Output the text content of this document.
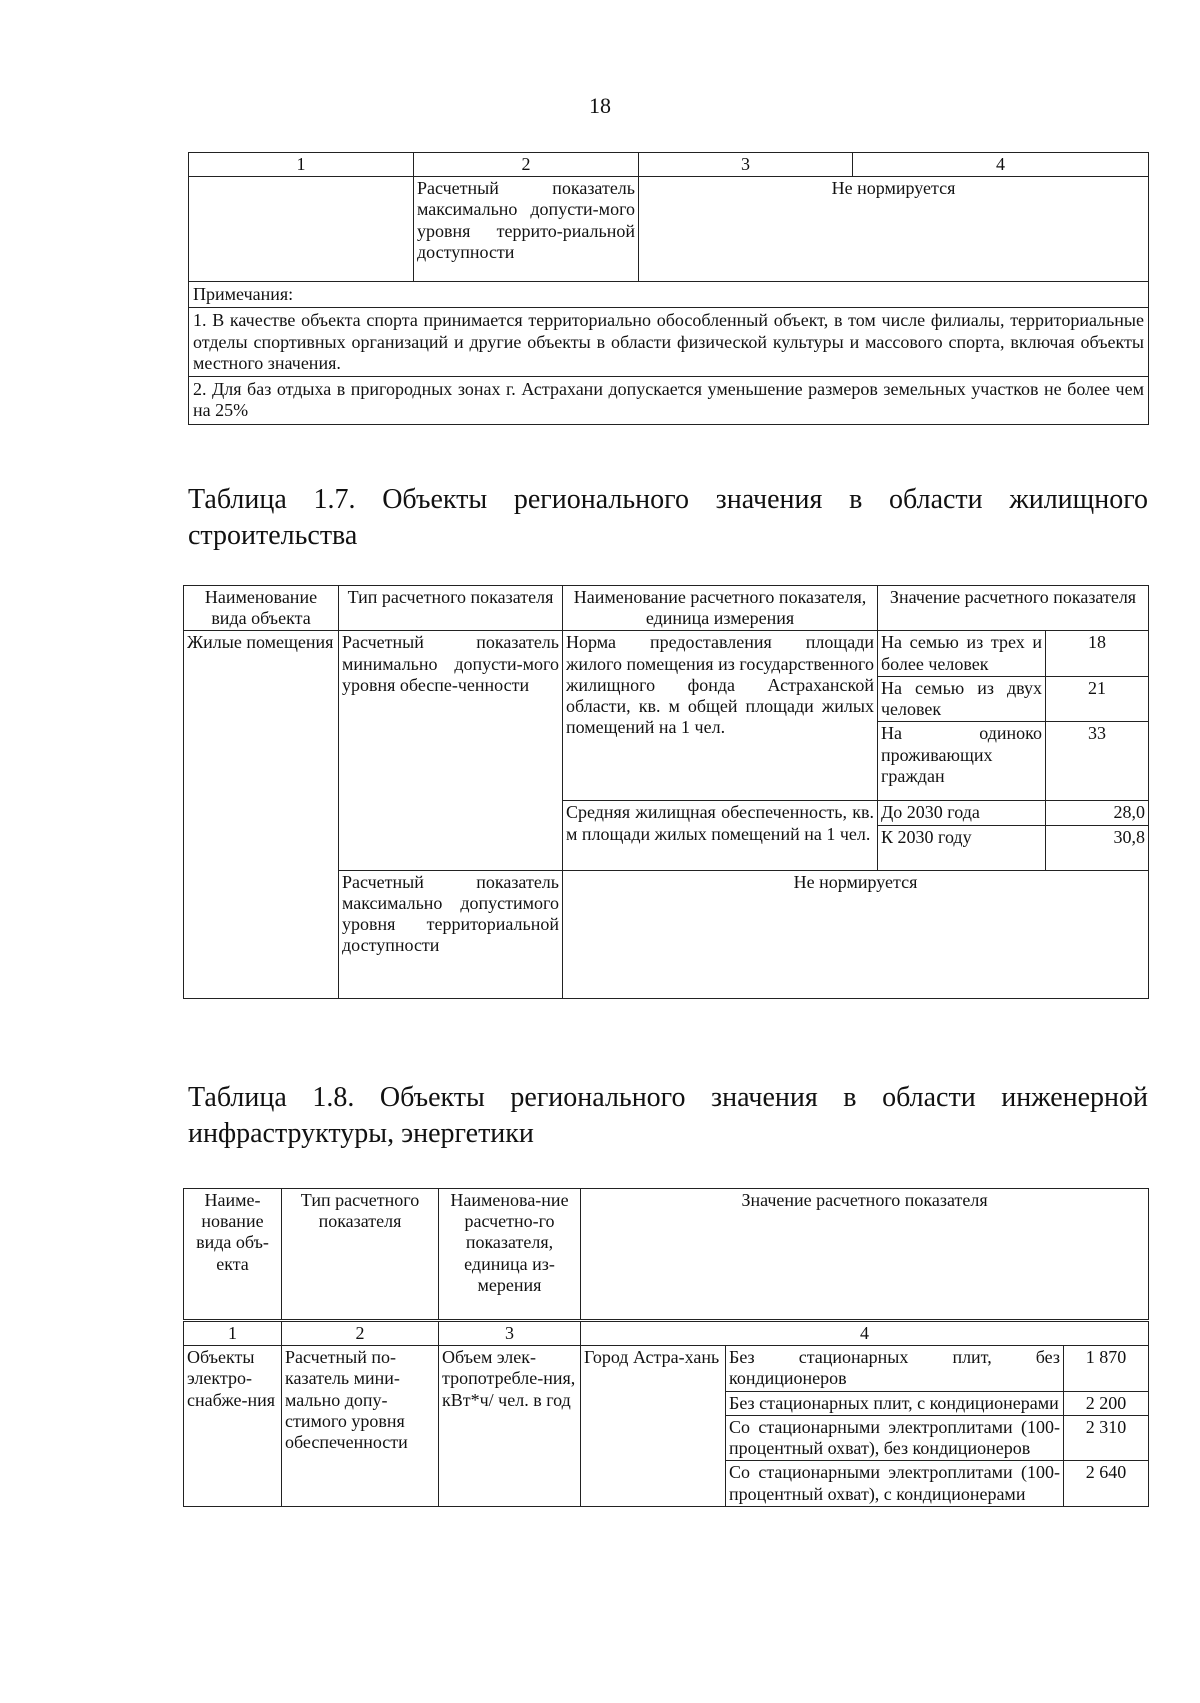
18
1	2	3	4
	Расчетный показатель максимально допусти-мого уровня террито-риальной доступности	Не нормируется	

Примечания:			

1. В качестве объекта спорта принимается территориально обособленный объект, в том числе филиалы, территориальные отделы спортивных организаций и другие объекты в области физической культуры и массового спорта, включая объекты местного значения.			

2. Для баз отдыха в пригородных зонах г. Астрахани допускается уменьшение размеров земельных участков не более чем на 25%			
Таблица 1.7. Объекты регионального значения в области жилищного строительства
Наименование вида объекта	Тип расчетного показателя	Наименование расчетного показателя, единица измерения	Значение расчетного показателя	
Жилые помещения	Расчетный показатель минимально допусти-мого уровня обеспе-ченности	Норма предоставления площади жилого помещения из государственного жилищного фонда Астраханской области, кв. м общей площади жилых помещений на 1 чел.	На семью из трех и более человек	18
			На семью из двух человек	21
			На одиноко проживающих граждан	33
		Средняя жилищная обеспеченность, кв. м площади жилых помещений на 1 чел.	До 2030 года	28,0
			К 2030 году	30,8
	Расчетный показатель максимально допустимого уровня территориальной доступности	Не нормируется		
Таблица 1.8. Объекты регионального значения в области инженерной инфраструктуры, энергетики
Наиме-нование вида объ-екта	Тип расчетного показателя	Наименова-ние расчетно-го показателя, единица из-мерения	Значение расчетного показателя		
1	2	3	4		
Объекты электро-снабже-ния	Расчетный по-казатель мини-мально допу-стимого уровня обеспеченности	Объем элек-тропотребле-ния, кВт*ч/ чел. в год	Город Астра-хань	Без стационарных плит, без кондиционеров	1 870
				Без стационарных плит, с кондиционерами	2 200
				Со стационарными электроплитами (100-процентный охват), без кондиционеров	2 310
				Со стационарными электроплитами (100-процентный охват), с кондиционерами	2 640
